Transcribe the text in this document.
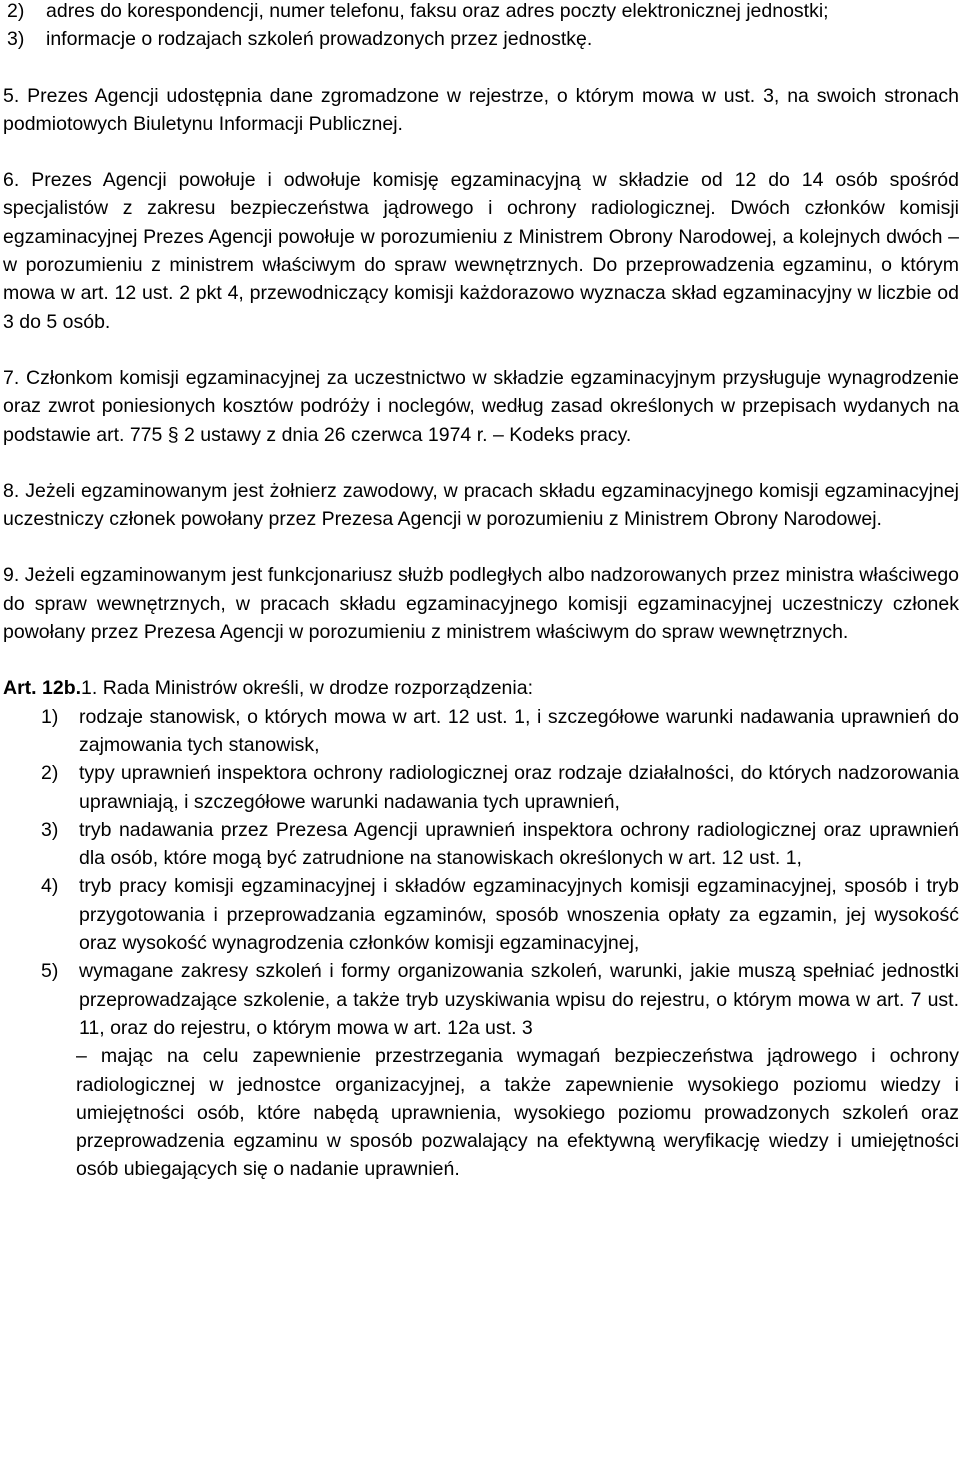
2)	adres do korespondencji, numer telefonu, faksu oraz adres poczty elektronicznej jednostki;
3)	informacje o rodzajach szkoleń prowadzonych przez jednostkę.

5. Prezes Agencji udostępnia dane zgromadzone w rejestrze, o którym mowa w ust. 3, na swoich stronach podmiotowych Biuletynu Informacji Publicznej.

6. Prezes Agencji powołuje i odwołuje komisję egzaminacyjną w składzie od 12 do 14 osób spośród specjalistów z zakresu bezpieczeństwa jądrowego i ochrony radiologicznej. Dwóch członków komisji egzaminacyjnej Prezes Agencji powołuje w porozumieniu z Ministrem Obrony Narodowej, a kolejnych dwóch – w porozumieniu z ministrem właściwym do spraw wewnętrznych. Do przeprowadzenia egzaminu, o którym mowa w art. 12 ust. 2 pkt 4, przewodniczący komisji każdorazowo wyznacza skład egzaminacyjny w liczbie od 3 do 5 osób.

7. Członkom komisji egzaminacyjnej za uczestnictwo w składzie egzaminacyjnym przysługuje wynagrodzenie oraz zwrot poniesionych kosztów podróży i noclegów, według zasad określonych w przepisach wydanych na podstawie art. 775 § 2 ustawy z dnia 26 czerwca 1974 r. – Kodeks pracy.

8. Jeżeli egzaminowanym jest żołnierz zawodowy, w pracach składu egzaminacyjnego komisji egzaminacyjnej uczestniczy członek powołany przez Prezesa Agencji w porozumieniu z Ministrem Obrony Narodowej.

9. Jeżeli egzaminowanym jest funkcjonariusz służb podległych albo nadzorowanych przez ministra właściwego do spraw wewnętrznych, w pracach składu egzaminacyjnego komisji egzaminacyjnej uczestniczy członek powołany przez Prezesa Agencji w porozumieniu z ministrem właściwym do spraw wewnętrznych.

Art. 12b.1. Rada Ministrów określi, w drodze rozporządzenia:

1)	rodzaje stanowisk, o których mowa w art. 12 ust. 1, i szczegółowe warunki nadawania uprawnień do zajmowania tych stanowisk,
2)	typy uprawnień inspektora ochrony radiologicznej oraz rodzaje działalności, do których nadzorowania uprawniają, i szczegółowe warunki nadawania tych uprawnień,
3)	tryb nadawania przez Prezesa Agencji uprawnień inspektora ochrony radiologicznej oraz uprawnień dla osób, które mogą być zatrudnione na stanowiskach określonych w art. 12 ust. 1,
4)	tryb pracy komisji egzaminacyjnej i składów egzaminacyjnych komisji egzaminacyjnej, sposób i tryb przygotowania i przeprowadzania egzaminów, sposób wnoszenia opłaty za egzamin, jej wysokość oraz wysokość wynagrodzenia członków komisji egzaminacyjnej,
5)	wymagane zakresy szkoleń i formy organizowania szkoleń, warunki, jakie muszą spełniać jednostki przeprowadzające szkolenie, a także tryb uzyskiwania wpisu do rejestru, o którym mowa w art. 7 ust. 11, oraz do rejestru, o którym mowa w art. 12a ust. 3

– mając na celu zapewnienie przestrzegania wymagań bezpieczeństwa jądrowego i ochrony radiologicznej w jednostce organizacyjnej, a także zapewnienie wysokiego poziomu wiedzy i umiejętności osób, które nabędą uprawnienia, wysokiego poziomu prowadzonych szkoleń oraz przeprowadzenia egzaminu w sposób pozwalający na efektywną weryfikację wiedzy i umiejętności osób ubiegających się o nadanie uprawnień.
